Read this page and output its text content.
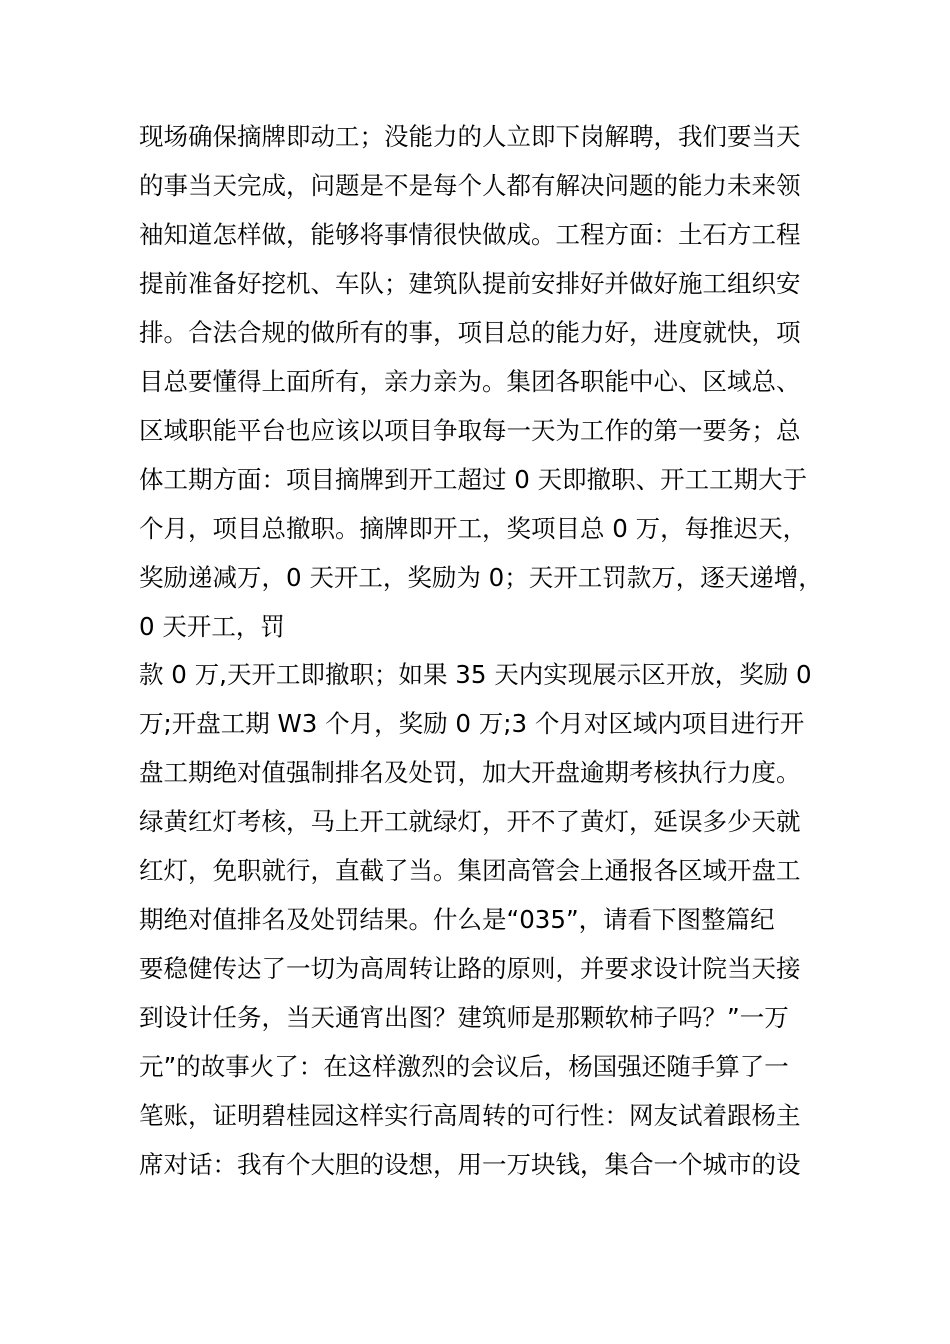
现场确保摘牌即动工；没能力的人立即下岗解聘，我们要当天
的事当天完成，问题是不是每个人都有解决问题的能力未来领
袖知道怎样做，能够将事情很快做成。工程方面：土石方工程
提前准备好挖机、车队；建筑队提前安排好并做好施工组织安
排。合法合规的做所有的事，项目总的能力好，进度就快，项
目总要懂得上面所有，亲力亲为。集团各职能中心、区域总、
区域职能平台也应该以项目争取每一天为工作的第一要务；总
体工期方面：项目摘牌到开工超过 0 天即撤职、开工工期大于
个月，项目总撤职。摘牌即开工，奖项目总 0 万，每推迟天，
奖励递减万，0 天开工，奖励为 0；天开工罚款万，逐天递增，
0 天开工，罚
款 0 万,天开工即撤职；如果 35 天内实现展示区开放，奖励 0
万;开盘工期 W3 个月，奖励 0 万;3 个月对区域内项目进行开
盘工期绝对值强制排名及处罚，加大开盘逾期考核执行力度。
绿黄红灯考核，马上开工就绿灯，开不了黄灯，延误多少天就
红灯，免职就行，直截了当。集团高管会上通报各区域开盘工
期绝对值排名及处罚结果。什么是“035”，请看下图整篇纪
要稳健传达了一切为高周转让路的原则，并要求设计院当天接
到设计任务，当天通宵出图？建筑师是那颗软柿子吗？”一万
元”的故事火了：在这样激烈的会议后，杨国强还随手算了一
笔账，证明碧桂园这样实行高周转的可行性：网友试着跟杨主
席对话：我有个大胆的设想，用一万块钱，集合一个城市的设
